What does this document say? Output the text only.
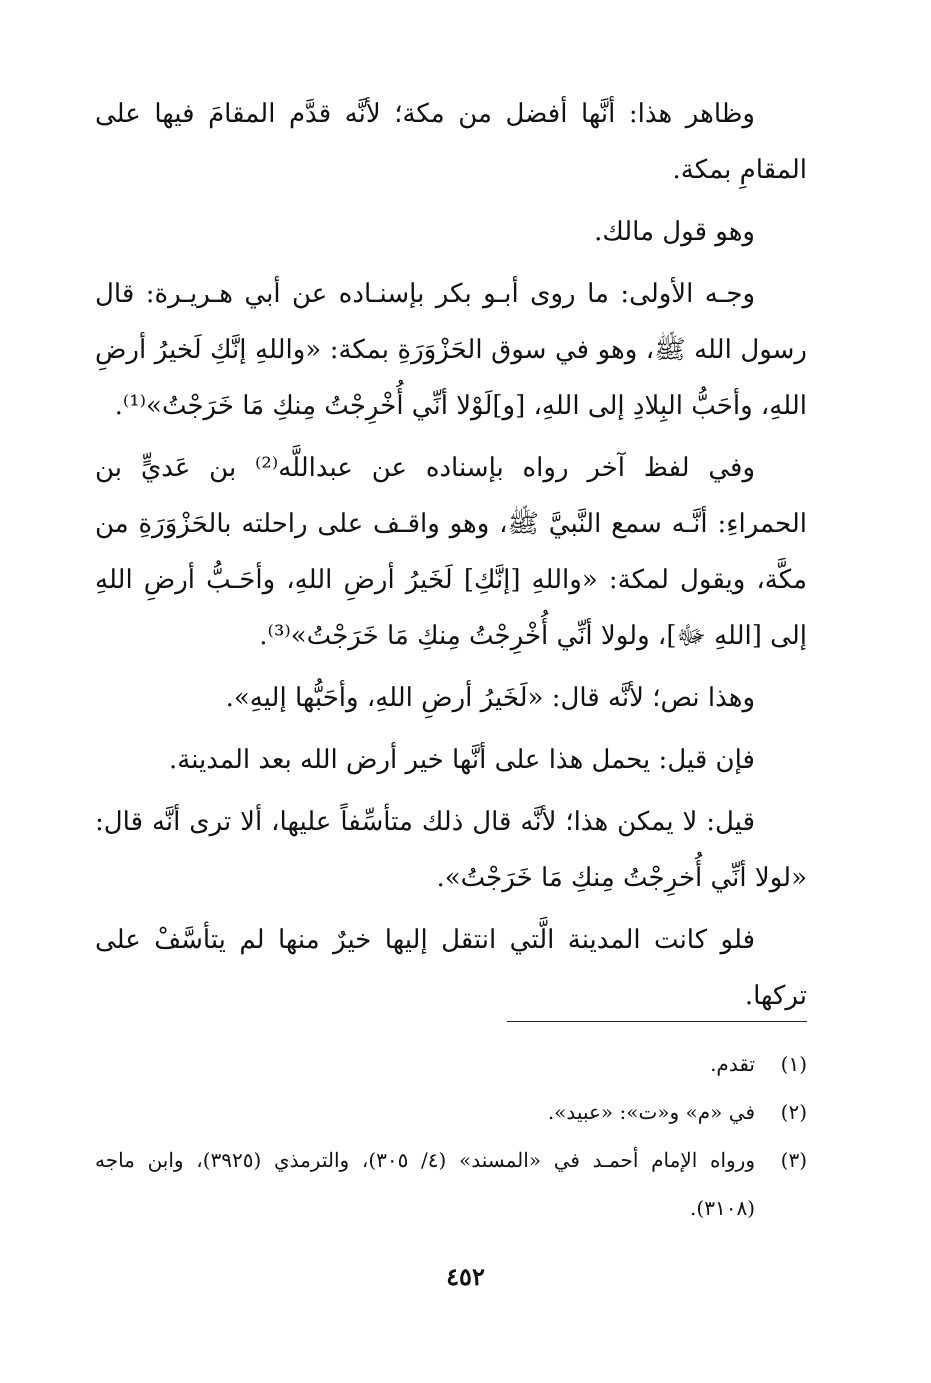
وظاهر هذا: أنَّها أفضل من مكة؛ لأنَّه قدَّم المقامَ فيها على المقامِ بمكة.

وهو قول مالك.

وجـه الأولى: ما روى أبـو بكر بإسنـاده عن أبي هـريـرة: قال رسول الله ﷺ، وهو في سوق الحَزْوَرَةِ بمكة: «واللهِ إنَّكِ لَخيرُ أرضِ اللهِ، وأحَبُّ البِلادِ إلى اللهِ، [و]لَوْلا أنِّي أُخْرِجْتُ مِنكِ مَا خَرَجْتُ»⁽¹⁾.

وفي لفظ آخر رواه بإسناده عن عبداللَّه⁽²⁾ بن عَديٍّ بن الحمراءِ: أنَّـه سمع النَّبيَّ ﷺ، وهو واقـف على راحلته بالحَزْوَرَةِ من مكَّة، ويقول لمكة: «واللهِ [إنَّكِ] لَخَيرُ أرضِ اللهِ، وأحَـبُّ أرضِ اللهِ إلى [اللهِ ﷻ]، ولولا أنِّي أُخْرِجْتُ مِنكِ مَا خَرَجْتُ»⁽³⁾.

وهذا نص؛ لأنَّه قال: «لَخَيرُ أرضِ اللهِ، وأحَبُّها إليهِ».

فإن قيل: يحمل هذا على أنَّها خير أرض الله بعد المدينة.

قيل: لا يمكن هذا؛ لأنَّه قال ذلك متأسِّفاً عليها، ألا ترى أنَّه قال: «لولا أنِّي أُخرِجْتُ مِنكِ مَا خَرَجْتُ».

فلو كانت المدينة الَّتي انتقل إليها خيرٌ منها لم يتأسَّفْ على تركها.

(١)
تقدم.
(٢)
في «م» و«ت»: «عبيد».
(٣)
ورواه الإمام أحمـد في «المسند» (٤/ ٣٠٥)، والترمذي (٣٩٢٥)، وابن ماجه (٣١٠٨).
٤٥٢
